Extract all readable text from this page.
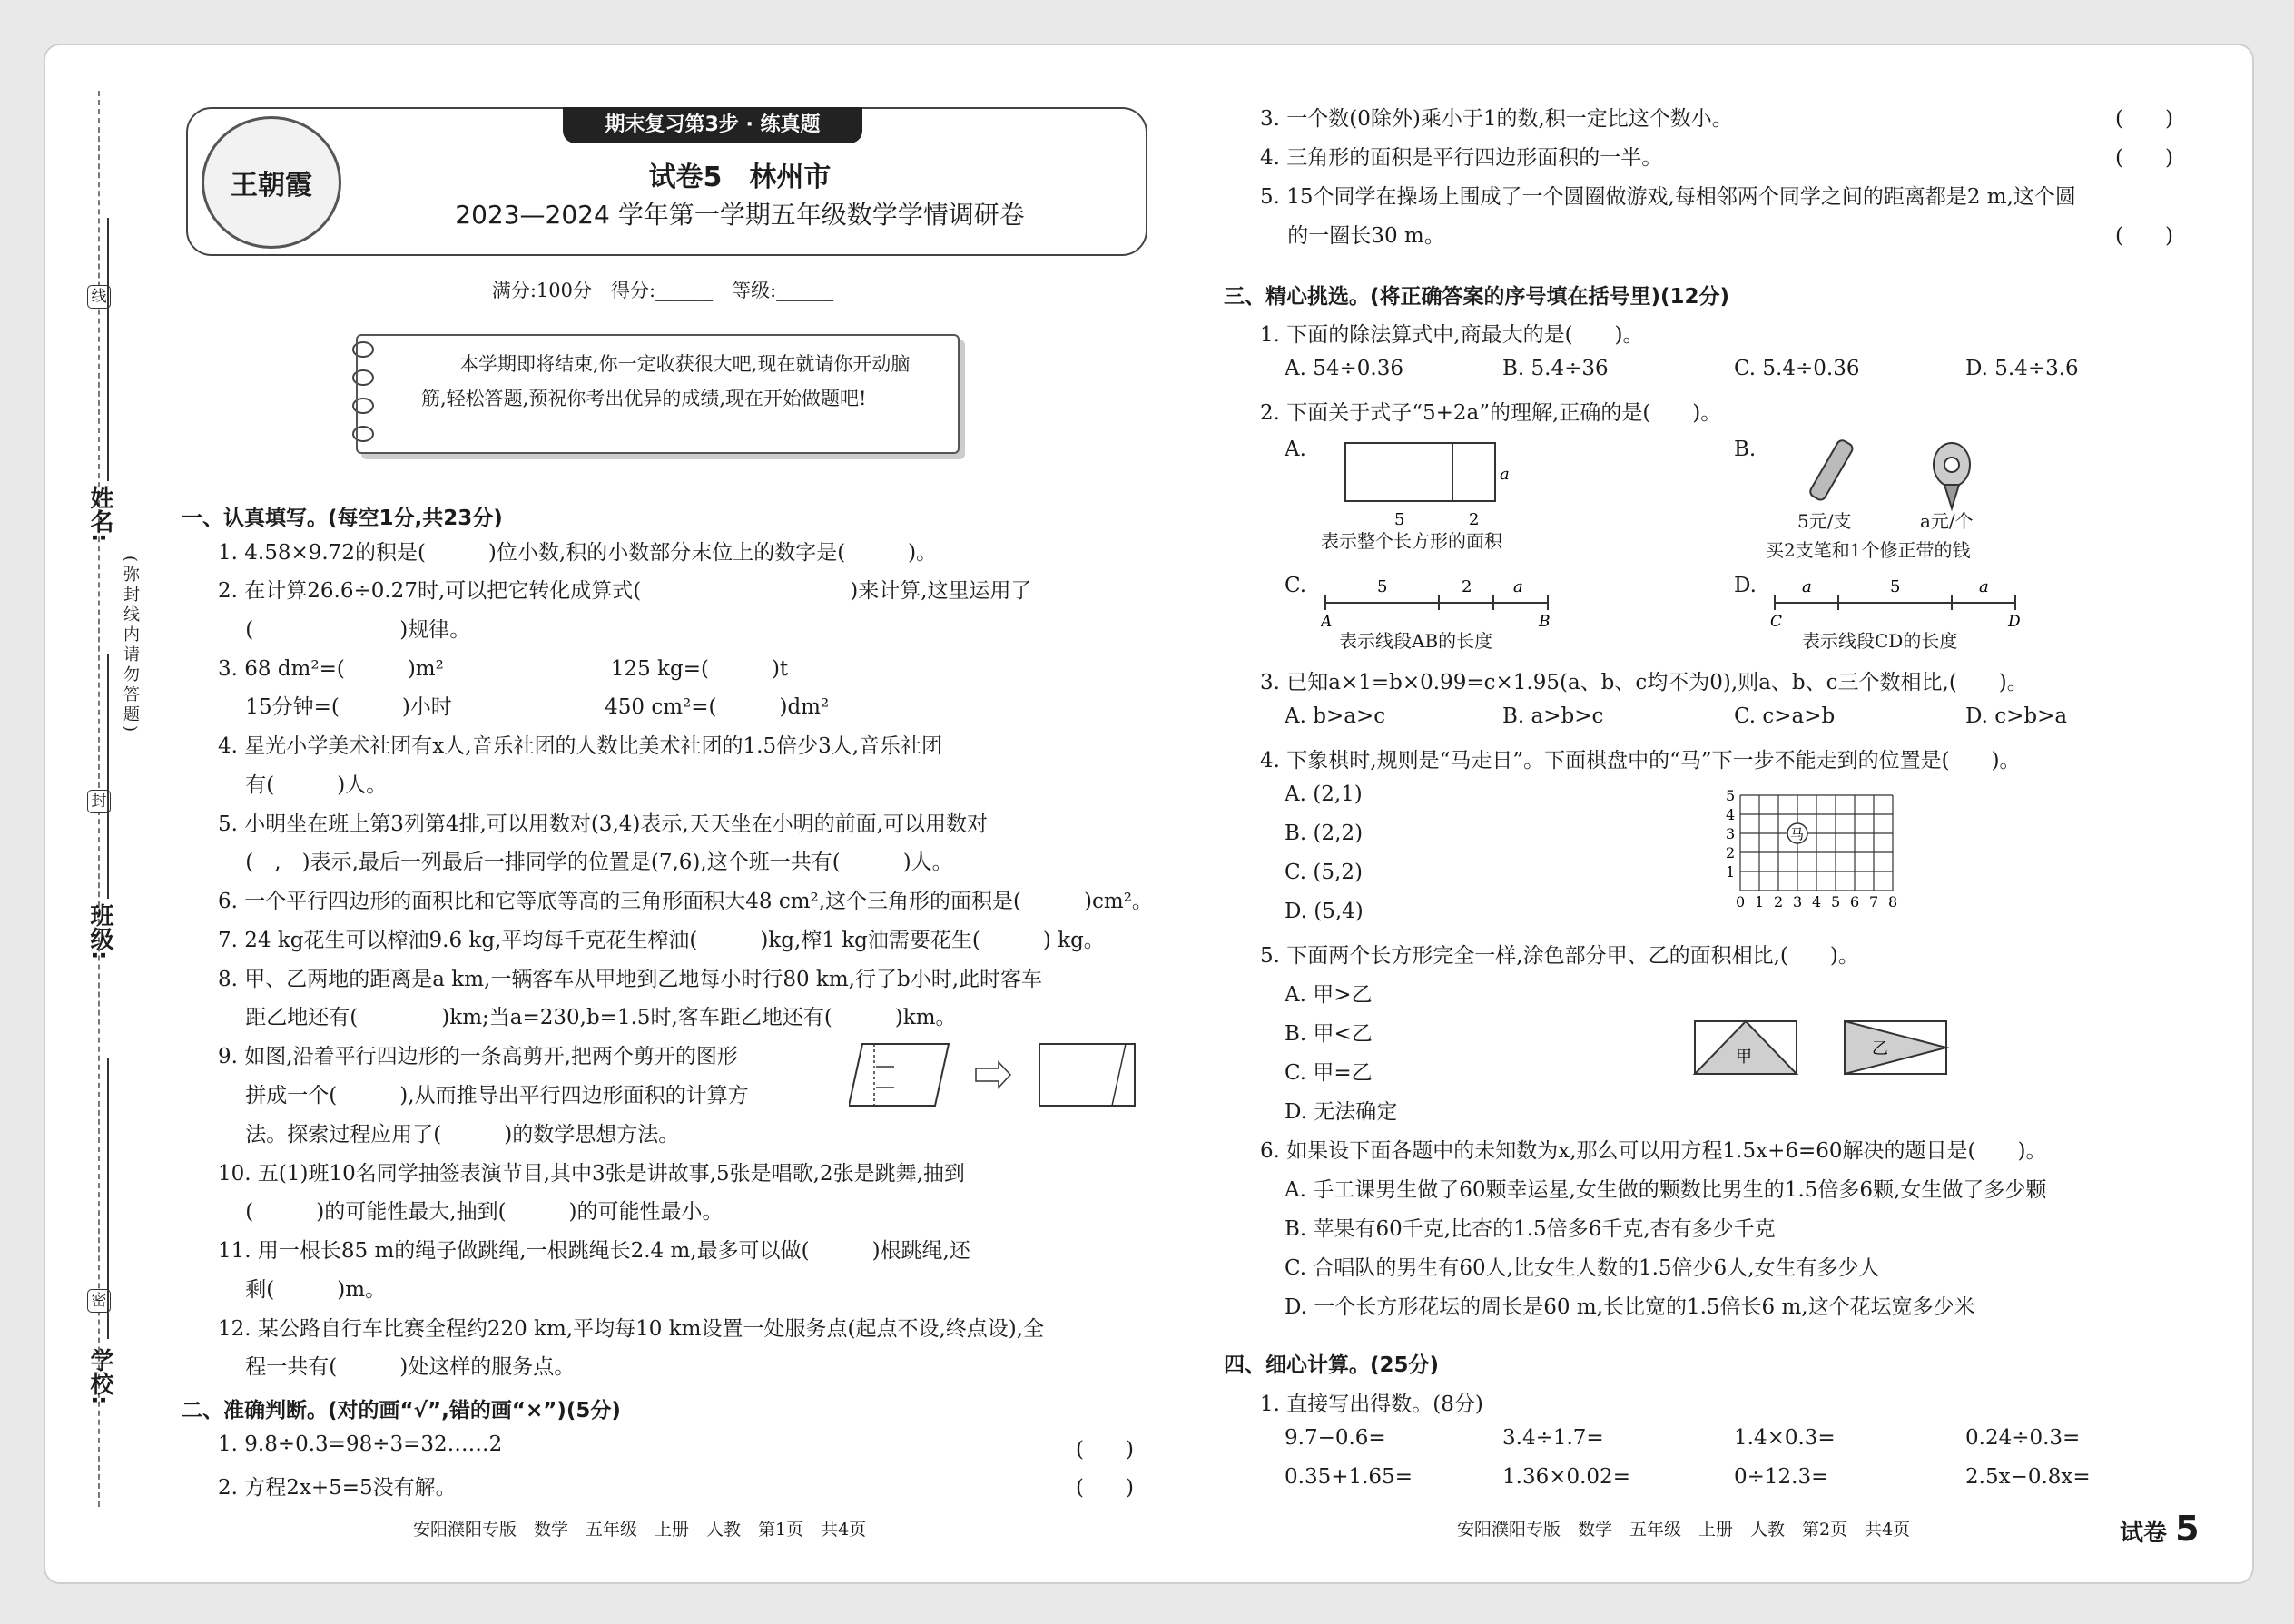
线
封
密
(弥封线内请勿答题)
姓名:
班级:
学校:
王朝霞
期末复习第3步 · 练真题
试卷5　林州市
2023—2024 学年第一学期五年级数学学情调研卷
满分:100分　得分:______　等级:______
本学期即将结束,你一定收获很大吧,现在就请你开动脑筋,轻松答题,预祝你考出优异的成绩,现在开始做题吧!
一、认真填写。(每空1分,共23分)
1. 4.58×9.72的积是(　　　)位小数,积的小数部分末位上的数字是(　　　)。
2. 在计算26.6÷0.27时,可以把它转化成算式(　　　　　　　　　　)来计算,这里运用了
　 (　　　　　　　)规律。
3. 68 dm²=(　　　)m²　　　　　　　　125 kg=(　　　)t
　 15分钟=(　　　)小时　　　　　　　 450 cm²=(　　　)dm²
4. 星光小学美术社团有x人,音乐社团的人数比美术社团的1.5倍少3人,音乐社团
　 有(　　　)人。
5. 小明坐在班上第3列第4排,可以用数对(3,4)表示,天天坐在小明的前面,可以用数对
　 (　,　)表示,最后一列最后一排同学的位置是(7,6),这个班一共有(　　　)人。
6. 一个平行四边形的面积比和它等底等高的三角形面积大48 cm²,这个三角形的面积是(　　　)cm²。
7. 24 kg花生可以榨油9.6 kg,平均每千克花生榨油(　　　)kg,榨1 kg油需要花生(　　　) kg。
8. 甲、乙两地的距离是a km,一辆客车从甲地到乙地每小时行80 km,行了b小时,此时客车
　 距乙地还有(　　　　)km;当a=230,b=1.5时,客车距乙地还有(　　　)km。
9. 如图,沿着平行四边形的一条高剪开,把两个剪开的图形
　 拼成一个(　　　),从而推导出平行四边形面积的计算方
　 法。探索过程应用了(　　　)的数学思想方法。
10. 五(1)班10名同学抽签表演节目,其中3张是讲故事,5张是唱歌,2张是跳舞,抽到
　 (　　　)的可能性最大,抽到(　　　)的可能性最小。
11. 用一根长85 m的绳子做跳绳,一根跳绳长2.4 m,最多可以做(　　　)根跳绳,还
　 剩(　　　)m。
12. 某公路自行车比赛全程约220 km,平均每10 km设置一处服务点(起点不设,终点设),全
　 程一共有(　　　)处这样的服务点。
二、准确判断。(对的画“√”,错的画“×”)(5分)
1. 9.8÷0.3=98÷3=32……2	(　　)
2. 方程2x+5=5没有解。	(　　)
3. 一个数(0除外)乘小于1的数,积一定比这个数小。	(　　)
4. 三角形的面积是平行四边形面积的一半。	(　　)
5. 15个同学在操场上围成了一个圆圈做游戏,每相邻两个同学之间的距离都是2 m,这个圆
　 的一圈长30 m。	(　　)
三、精心挑选。(将正确答案的序号填在括号里)(12分)
1. 下面的除法算式中,商最大的是(　　)。
A. 54÷0.36	B. 5.4÷36	C. 5.4÷0.36	D. 5.4÷3.6
2. 下面关于式子“5+2a”的理解,正确的是(　　)。
A.
a
5	2
表示整个长方形的面积
B.
5元/支	a元/个
买2支笔和1个修正带的钱
C.	5	2	a
A	B
表示线段AB的长度
D.	a	5	a
C	D
表示线段CD的长度
3. 已知a×1=b×0.99=c×1.95(a、b、c均不为0),则a、b、c三个数相比,(　　)。
A. b>a>c	B. a>b>c	C. c>a>b	D. c>b>a
4. 下象棋时,规则是“马走日”。下面棋盘中的“马”下一步不能走到的位置是(　　)。
A. (2,1)
B. (2,2)
C. (5,2)
D. (5,4)	0 1 2 3 4 5 6 7 8
1
2
3
4
5
马
5. 下面两个长方形完全一样,涂色部分甲、乙的面积相比,(　　)。
A. 甲>乙
B. 甲<乙
C. 甲=乙
D. 无法确定
甲	乙
6. 如果设下面各题中的未知数为x,那么可以用方程1.5x+6=60解决的题目是(　　)。
A. 手工课男生做了60颗幸运星,女生做的颗数比男生的1.5倍多6颗,女生做了多少颗
B. 苹果有60千克,比杏的1.5倍多6千克,杏有多少千克
C. 合唱队的男生有60人,比女生人数的1.5倍少6人,女生有多少人
D. 一个长方形花坛的周长是60 m,长比宽的1.5倍长6 m,这个花坛宽多少米
四、细心计算。(25分)
1. 直接写出得数。(8分)
9.7−0.6=	3.4÷1.7=	1.4×0.3=	0.24÷0.3=
0.35+1.65=	1.36×0.02=	0÷12.3=	2.5x−0.8x=
安阳濮阳专版　数学　五年级　上册　人教　第1页　共4页	安阳濮阳专版　数学　五年级　上册　人教　第2页　共4页	试卷 5
